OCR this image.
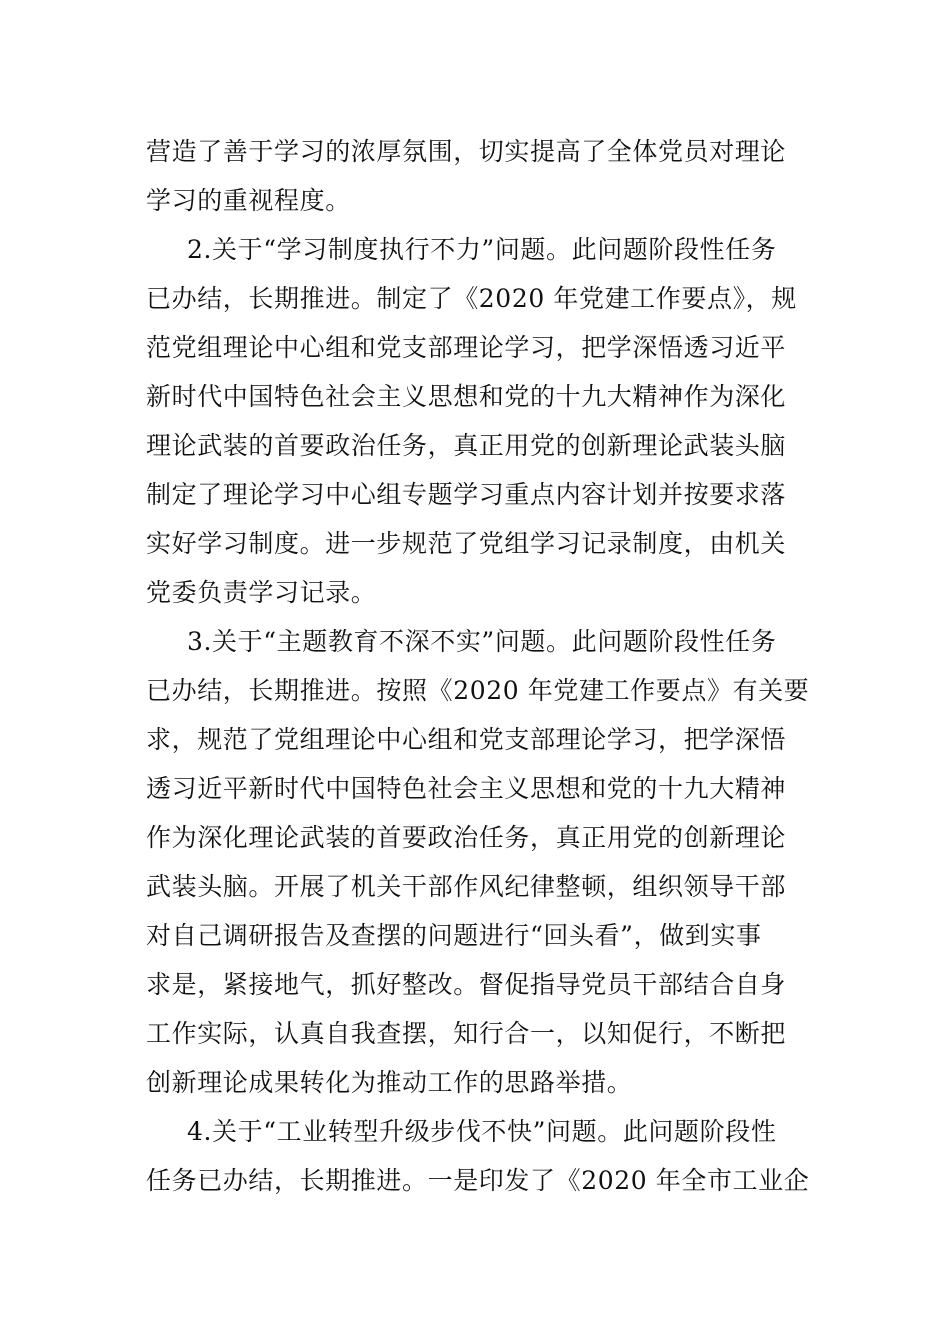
营造了善于学习的浓厚氛围，切实提高了全体党员对理论
学习的重视程度。
2.关于“学习制度执行不力”问题。此问题阶段性任务
已办结，长期推进。制定了《2020 年党建工作要点》，规
范党组理论中心组和党支部理论学习，把学深悟透习近平
新时代中国特色社会主义思想和党的十九大精神作为深化
理论武装的首要政治任务，真正用党的创新理论武装头脑
制定了理论学习中心组专题学习重点内容计划并按要求落
实好学习制度。进一步规范了党组学习记录制度，由机关
党委负责学习记录。
3.关于“主题教育不深不实”问题。此问题阶段性任务
已办结，长期推进。按照《2020 年党建工作要点》有关要
求，规范了党组理论中心组和党支部理论学习，把学深悟
透习近平新时代中国特色社会主义思想和党的十九大精神
作为深化理论武装的首要政治任务，真正用党的创新理论
武装头脑。开展了机关干部作风纪律整顿，组织领导干部
对自己调研报告及查摆的问题进行“回头看”，做到实事
求是，紧接地气，抓好整改。督促指导党员干部结合自身
工作实际，认真自我查摆，知行合一，以知促行，不断把
创新理论成果转化为推动工作的思路举措。
4.关于“工业转型升级步伐不快”问题。此问题阶段性
任务已办结，长期推进。一是印发了《2020 年全市工业企
